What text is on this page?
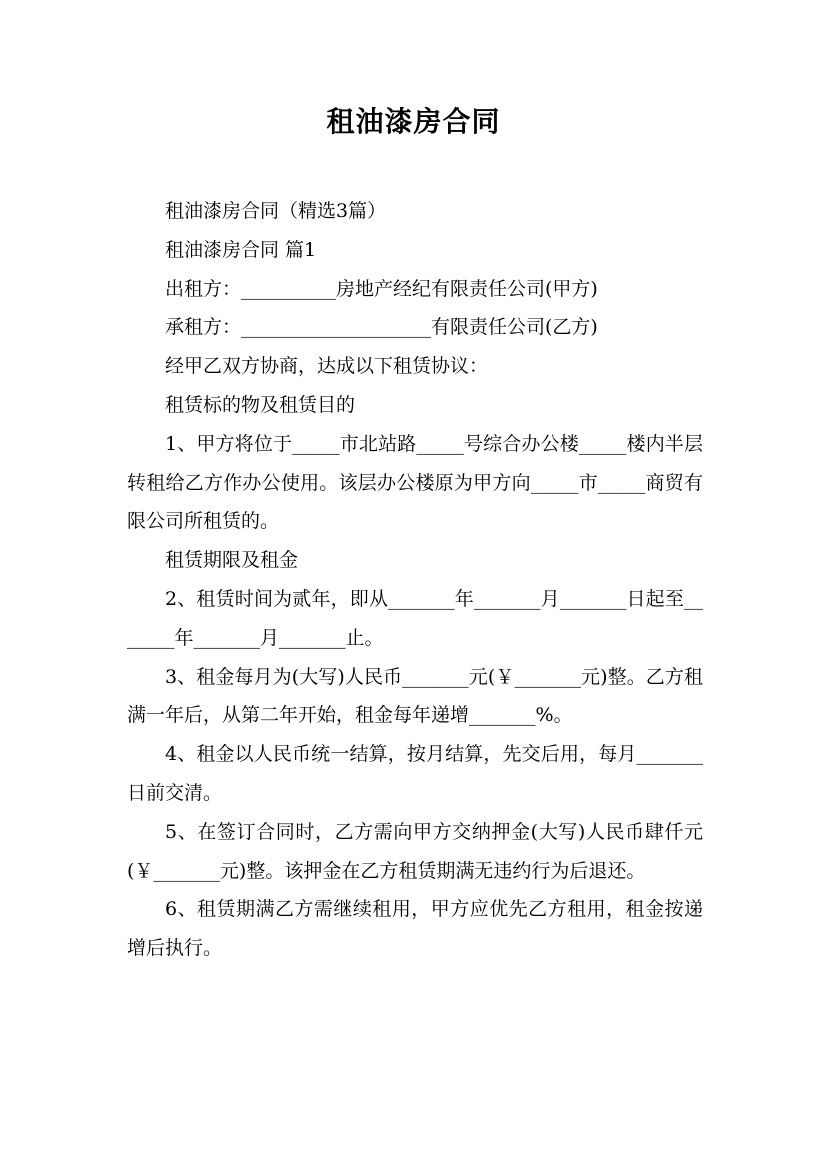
租油漆房合同

租油漆房合同（精选3篇）

租油漆房合同 篇1

出租方：__________房地产经纪有限责任公司(甲方)

承租方：____________________有限责任公司(乙方)

经甲乙双方协商，达成以下租赁协议：

租赁标的物及租赁目的

1、甲方将位于_____市北站路_____号综合办公楼_____楼内半层转租给乙方作办公使用。该层办公楼原为甲方向_____市_____商贸有限公司所租赁的。

租赁期限及租金

2、租赁时间为贰年，即从_______年_______月_______日起至_______年_______月_______止。

3、租金每月为(大写)人民币_______元(￥_______元)整。乙方租满一年后，从第二年开始，租金每年递增_______%。

4、租金以人民币统一结算，按月结算，先交后用，每月_______日前交清。

5、在签订合同时，乙方需向甲方交纳押金(大写)人民币肆仟元(￥_______元)整。该押金在乙方租赁期满无违约行为后退还。

6、租赁期满乙方需继续租用，甲方应优先乙方租用，租金按递增后执行。
